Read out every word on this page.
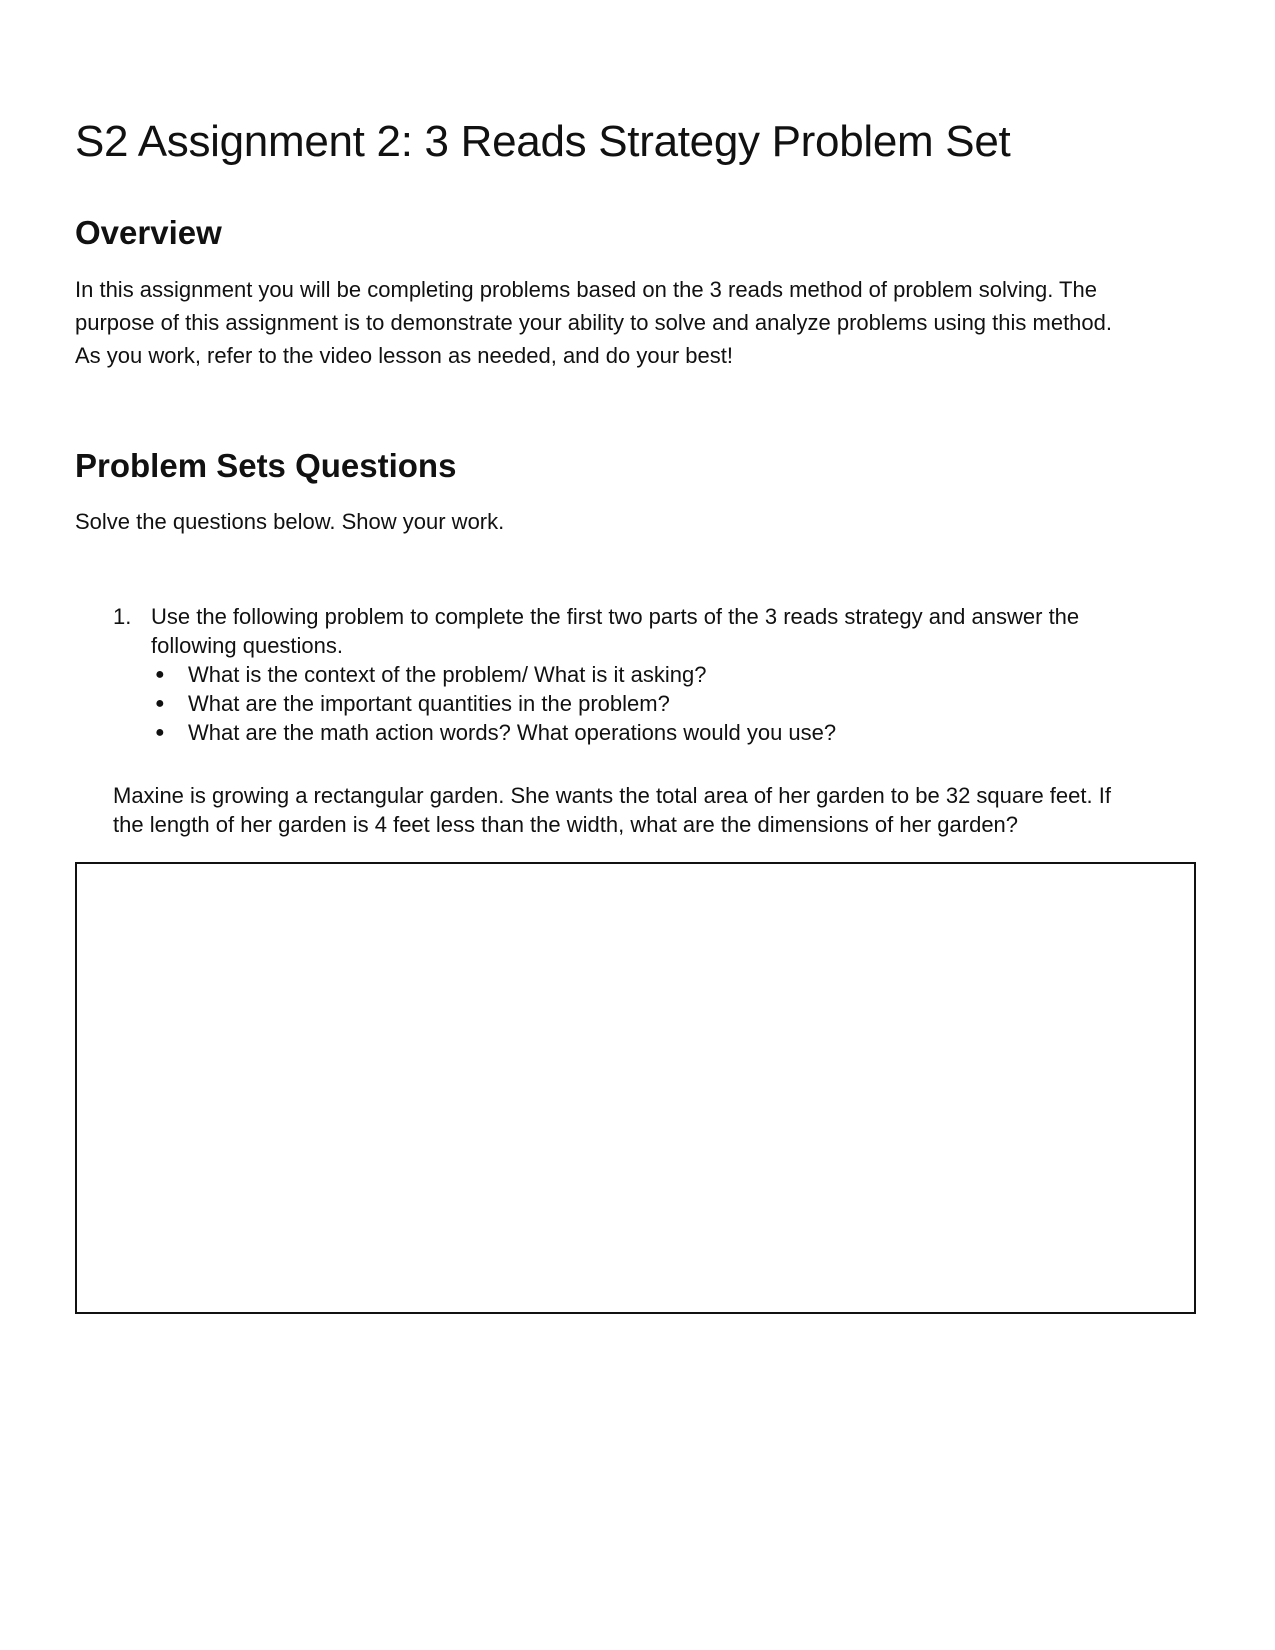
S2 Assignment 2: 3 Reads Strategy Problem Set
Overview

In this assignment you will be completing problems based on the 3 reads method of problem solving. The
purpose of this assignment is to demonstrate your ability to solve and analyze problems using this method.
As you work, refer to the video lesson as needed, and do your best!

Problem Sets Questions

Solve the questions below. Show your work.

1. Use the following problem to complete the first two parts of the 3 reads strategy and answer the
following questions.
● What is the context of the problem/ What is it asking?
● What are the important quantities in the problem?
● What are the math action words? What operations would you use?
Maxine is growing a rectangular garden. She wants the total area of her garden to be 32 square feet. If
the length of her garden is 4 feet less than the width, what are the dimensions of her garden?
